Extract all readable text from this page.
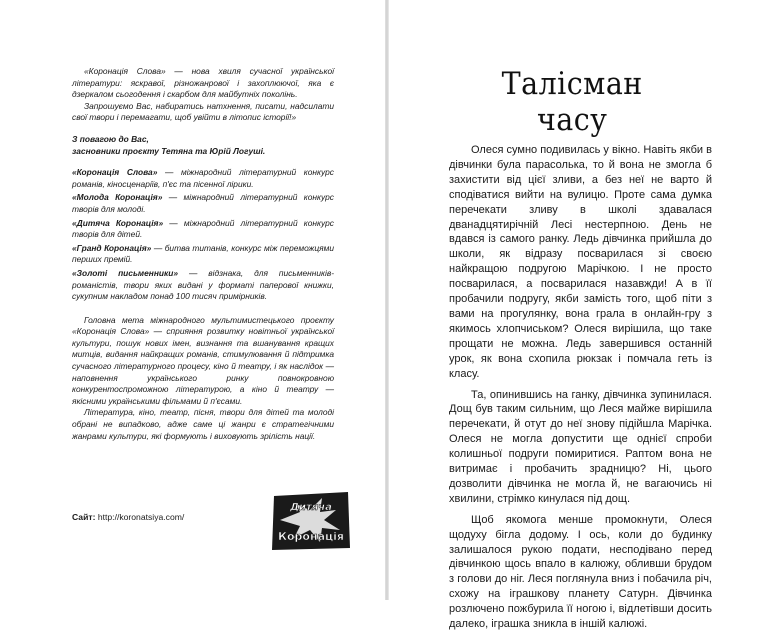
«Коронація Слова» — нова хвиля сучасної української літератури: яскравої, різножанрової і захоплюючої, яка є дзеркалом сьогодення і скарбом для майбутніх поколінь.

Запрошуємо Вас, набиратись натхнення, писати, надсилати свої твори і перемагати, щоб увійти в літопис історії!»

З повагою до Вас,

засновники проєкту Тетяна та Юрій Логуші.

«Коронація Слова» — міжнародний літературний конкурс романів, кіносценаріїв, п'єс та пісенної лірики.

«Молода Коронація» — міжнародний літературний конкурс творів для молоді.

«Дитяча Коронація» — міжнародний літературний конкурс творів для дітей.

«Гранд Коронація» — битва титанів, конкурс між переможцями перших премій.

«Золоті письменники» — відзнака, для письменників-романістів, твори яких видані у форматі паперової книжки, сукупним накладом понад 100 тисяч примірників.

Головна мета міжнародного мультимистецького проєкту «Коронація Слова» — сприяння розвитку новітньої української культури, пошук нових імен, визнання та вшанування кращих митців, видання найкращих романів, стимулювання й підтримка сучасного літературного процесу, кіно й театру, і як наслідок — наповнення українського ринку повнокровною конкурентоспроможною літературою, а кіно й театру — якісними українськими фільмами й п'єсами.

Література, кіно, театр, пісня, твори для дітей та молоді обрані не випадково, адже саме ці жанри є стратегічними жанрами культури, які формують і виховують зрілість нації.

Сайт: http://koronatsiya.com/
Дитяча
Коронація
Талісман часу

Олеся сумно подивилась у вікно. Навіть якби в дівчинки була парасолька, то й вона не змогла б захистити від цієї зливи, а без неї не варто й сподіватися вийти на вулицю. Проте сама думка перечекати зливу в школі здавалася дванадцятирічній Лесі нестерпною. День не вдався із самого ранку. Ледь дівчинка прийшла до школи, як відразу посварилася зі своєю найкращою подругою Марічкою. І не просто посварилася, а посварилася назавжди! А в її пробачили подругу, якби замість того, щоб піти з вами на прогулянку, вона грала в онлайн-гру з якимось хлопчиськом? Олеся вирішила, що таке прощати не можна. Ледь завершився останній урок, як вона схопила рюкзак і помчала геть із класу.

Та, опинившись на ганку, дівчинка зупинилася. Дощ був таким сильним, що Леся майже вирішила перечекати, й отут до неї знову підійшла Марічка. Олеся не могла допустити ще однієї спроби колишньої подруги помиритися. Раптом вона не витримає і пробачить зрадницю? Ні, цього дозволити дівчинка не могла й, не вагаючись ні хвилини, стрімко кинулася під дощ.

Щоб якомога менше промокнути, Олеся щодуху бігла додому. І ось, коли до будинку залишалося рукою подати, несподівано перед дівчинкою щось впало в калюжу, обливши брудом з голови до ніг. Леся поглянула вниз і побачила річ, схожу на іграшкову планету Сатурн. Дівчинка розлючено пожбурила її ногою і, відлетівши досить далеко, іграшка зникла в іншій калюжі.
